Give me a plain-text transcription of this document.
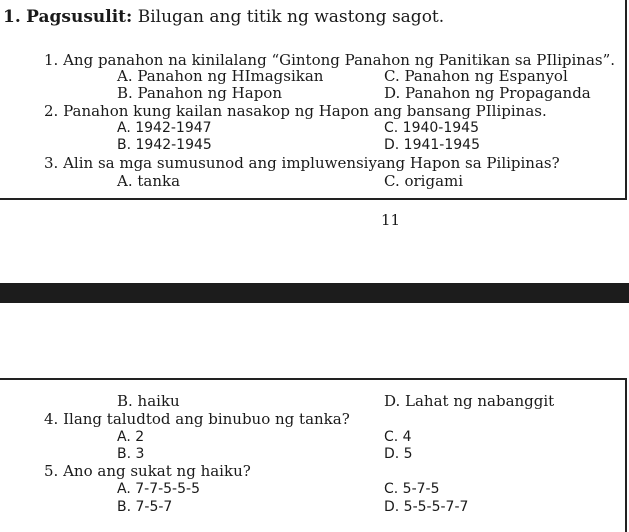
1. Pagsusulit: Bilugan ang titik ng wastong sagot.
1. Ang panahon na kinilalang “Gintong Panahon ng Panitikan sa PIlipinas”.
A. Panahon ng HImagsikan	C. Panahon ng Espanyol
B. Panahon ng Hapon	D. Panahon ng Propaganda
2. Panahon kung kailan nasakop ng Hapon ang bansang PIlipinas.
A. 1942-1947	C. 1940-1945
B. 1942-1945	D. 1941-1945
3. Alin sa mga sumusunod ang impluwensiyang Hapon sa Pilipinas?
A. tanka	C. origami
11
B. haiku	D. Lahat ng nabanggit
4. Ilang taludtod ang binubuo ng tanka?
A. 2	C. 4
B. 3	D. 5
5. Ano ang sukat ng haiku?
A. 7-7-5-5-5	C. 5-7-5
B. 7-5-7	D. 5-5-5-7-7
